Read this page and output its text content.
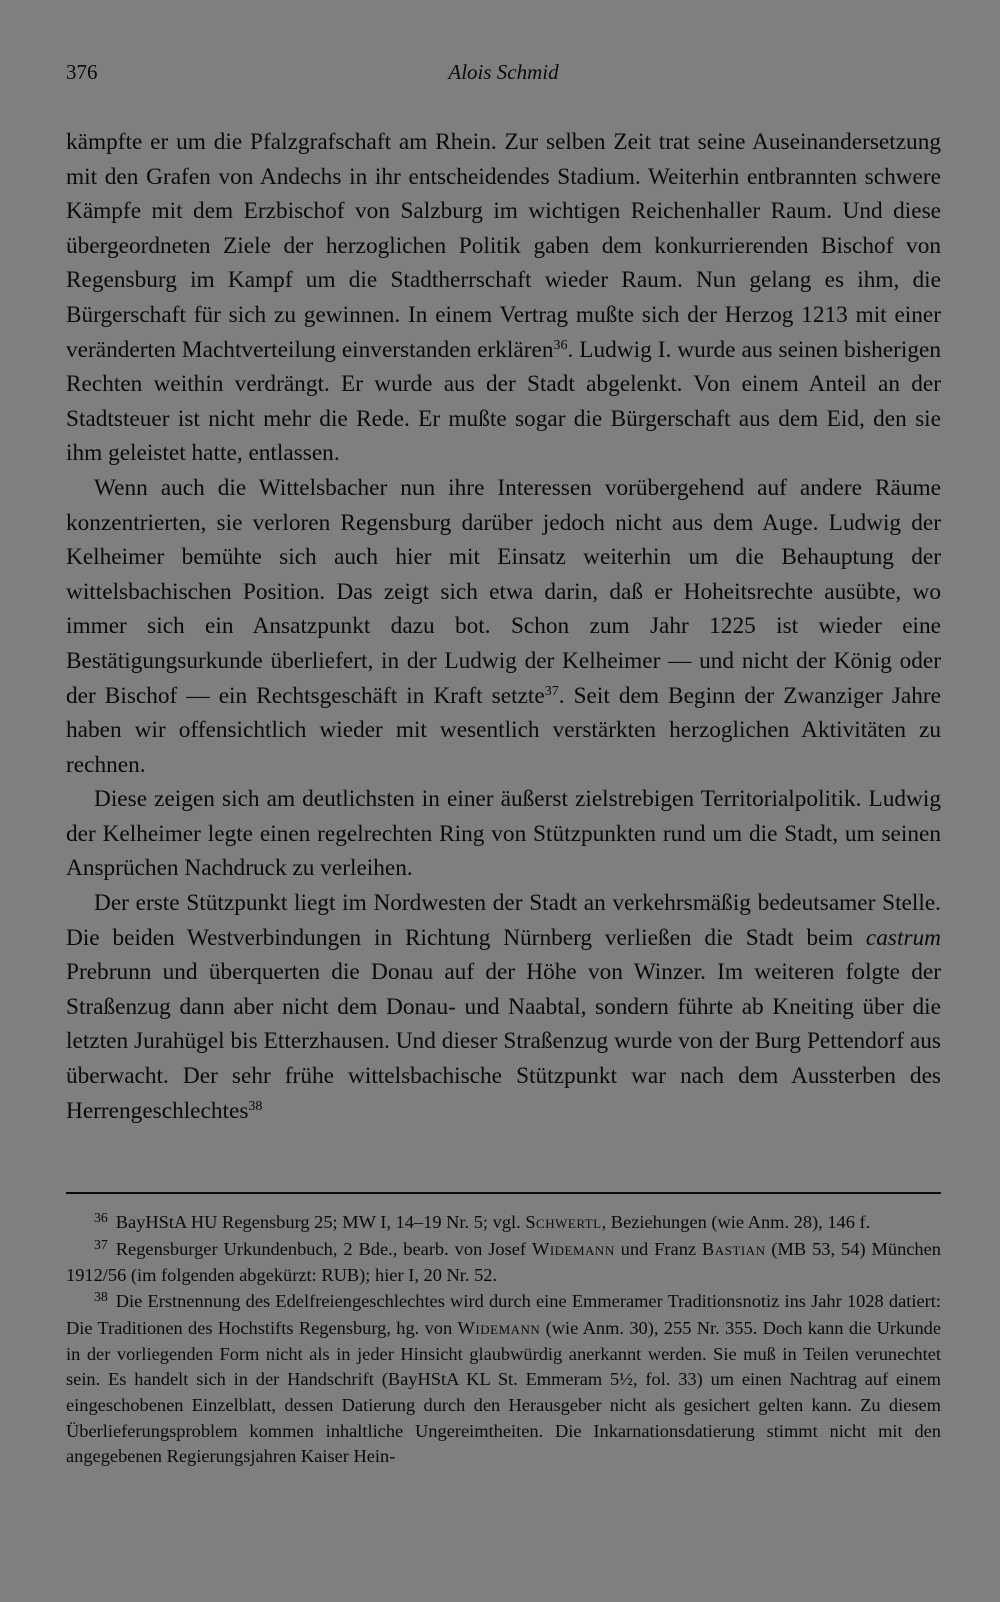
376	Alois Schmid

kämpfte er um die Pfalzgrafschaft am Rhein. Zur selben Zeit trat seine Auseinandersetzung mit den Grafen von Andechs in ihr entscheidendes Stadium. Weiterhin entbrannten schwere Kämpfe mit dem Erzbischof von Salzburg im wichtigen Reichenhaller Raum. Und diese übergeordneten Ziele der herzoglichen Politik gaben dem konkurrierenden Bischof von Regensburg im Kampf um die Stadtherrschaft wieder Raum. Nun gelang es ihm, die Bürgerschaft für sich zu gewinnen. In einem Vertrag mußte sich der Herzog 1213 mit einer veränderten Machtverteilung einverstanden erklären$^{36}$. Ludwig I. wurde aus seinen bisherigen Rechten weithin verdrängt. Er wurde aus der Stadt abgelenkt. Von einem Anteil an der Stadtsteuer ist nicht mehr die Rede. Er mußte sogar die Bürgerschaft aus dem Eid, den sie ihm geleistet hatte, entlassen.

Wenn auch die Wittelsbacher nun ihre Interessen vorübergehend auf andere Räume konzentrierten, sie verloren Regensburg darüber jedoch nicht aus dem Auge. Ludwig der Kelheimer bemühte sich auch hier mit Einsatz weiterhin um die Behauptung der wittelsbachischen Position. Das zeigt sich etwa darin, daß er Hoheitsrechte ausübte, wo immer sich ein Ansatzpunkt dazu bot. Schon zum Jahr 1225 ist wieder eine Bestätigungsurkunde überliefert, in der Ludwig der Kelheimer — und nicht der König oder der Bischof — ein Rechtsgeschäft in Kraft setzte$^{37}$. Seit dem Beginn der Zwanziger Jahre haben wir offensichtlich wieder mit wesentlich verstärkten herzoglichen Aktivitäten zu rechnen.

Diese zeigen sich am deutlichsten in einer äußerst zielstrebigen Territorialpolitik. Ludwig der Kelheimer legte einen regelrechten Ring von Stützpunkten rund um die Stadt, um seinen Ansprüchen Nachdruck zu verleihen.

Der erste Stützpunkt liegt im Nordwesten der Stadt an verkehrsmäßig bedeutsamer Stelle. Die beiden Westverbindungen in Richtung Nürnberg verließen die Stadt beim castrum Prebrunn und überquerten die Donau auf der Höhe von Winzer. Im weiteren folgte der Straßenzug dann aber nicht dem Donau- und Naabtal, sondern führte ab Kneiting über die letzten Jurahügel bis Etterzhausen. Und dieser Straßenzug wurde von der Burg Pettendorf aus überwacht. Der sehr frühe wittelsbachische Stützpunkt war nach dem Aussterben des Herrengeschlechtes$^{38}$

$^{36}$ BayHStA HU Regensburg 25; MW I, 14–19 Nr. 5; vgl. Schwertl, Beziehungen (wie Anm. 28), 146 f.

$^{37}$ Regensburger Urkundenbuch, 2 Bde., bearb. von Josef Widemann und Franz Bastian (MB 53, 54) München 1912/56 (im folgenden abgekürzt: RUB); hier I, 20 Nr. 52.

$^{38}$ Die Erstnennung des Edelfreiengeschlechtes wird durch eine Emmeramer Traditionsnotiz ins Jahr 1028 datiert: Die Traditionen des Hochstifts Regensburg, hg. von Widemann (wie Anm. 30), 255 Nr. 355. Doch kann die Urkunde in der vorliegenden Form nicht als in jeder Hinsicht glaubwürdig anerkannt werden. Sie muß in Teilen verunechtet sein. Es handelt sich in der Handschrift (BayHStA KL St. Emmeram 5½, fol. 33) um einen Nachtrag auf einem eingeschobenen Einzelblatt, dessen Datierung durch den Herausgeber nicht als gesichert gelten kann. Zu diesem Überlieferungsproblem kommen inhaltliche Ungereimtheiten. Die Inkarnationsdatierung stimmt nicht mit den angegebenen Regierungsjahren Kaiser Hein-
